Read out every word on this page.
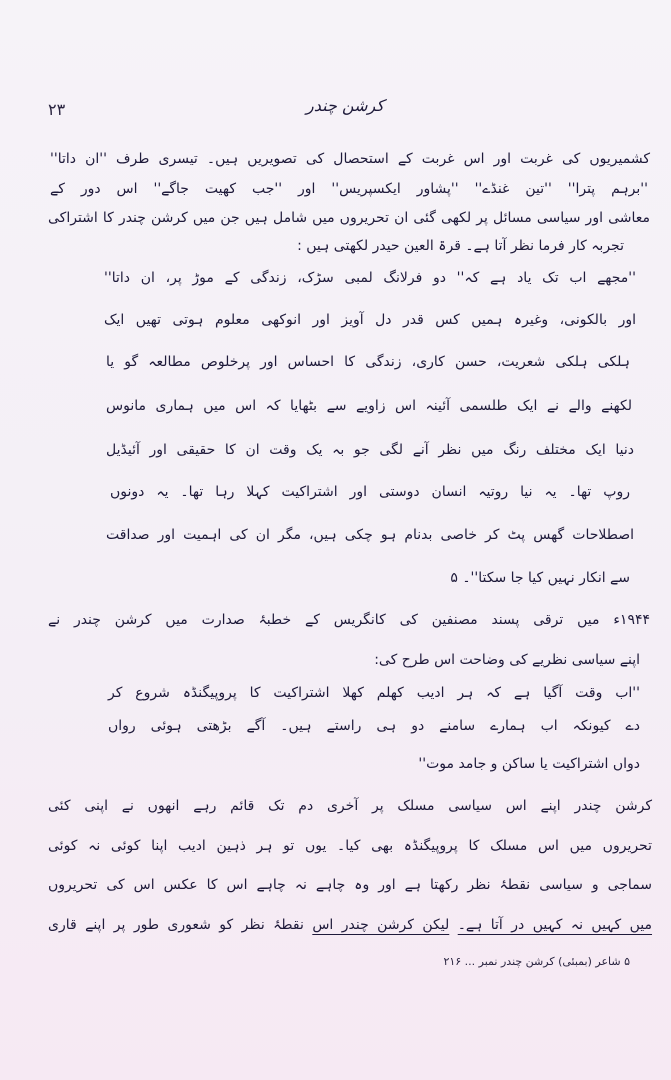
۲۳	کرشن چندر
کشمیریوں کی غربت اور اس غربت کے استحصال کی تصویریں ہیں۔ تیسری طرف ''ان داتا''
''برہم پترا'' ''تین غنڈے'' ''پشاور ایکسپریس'' اور ''جب کھیت جاگے'' اس دور کے
معاشی اور سیاسی مسائل پر لکھی گئی ان تحریروں میں شامل ہیں جن میں کرشن چندر کا اشتراکی
تجربہ کار فرما نظر آتا ہے۔ قرۃ العین حیدر لکھتی ہیں :
''مجھے اب تک یاد ہے کہ'' دو فرلانگ لمبی سڑک، زندگی کے موڑ پر، ان داتا''
اور بالکونی، وغیرہ ہمیں کس قدر دل آویز اور انوکھی معلوم ہوتی تھیں ایک
ہلکی ہلکی شعریت، حسن کاری، زندگی کا احساس اور پرخلوص مطالعہ گو یا
لکھنے والے نے ایک طلسمی آئینہ اس زاویے سے بٹھایا کہ اس میں ہماری مانوس
دنیا ایک مختلف رنگ میں نظر آنے لگی جو بہ یک وقت ان کا حقیقی اور آئیڈیل
روپ تھا۔ یہ نیا روتیہ انسان دوستی اور اشتراکیت کہلا رہا تھا۔ یہ دونوں
اصطلاحات گھس پٹ کر خاصی بدنام ہو چکی ہیں، مگر ان کی اہمیت اور صداقت
سے انکار نہیں کیا جا سکتا''۔ ۵
۱۹۴۴ء میں ترقی پسند مصنفین کی کانگریس کے خطبۂ صدارت میں کرشن چندر نے
اپنے سیاسی نظریے کی وضاحت اس طرح کی:
''اب وقت آگیا ہے کہ ہر ادیب کھلم کھلا اشتراکیت کا پروپیگنڈہ شروع کر
دے کیونکہ اب ہمارے سامنے دو ہی راستے ہیں۔ آگے بڑھتی ہوئی رواں
دواں اشتراکیت یا ساکن و جامد موت''
کرشن چندر اپنے اس سیاسی مسلک پر آخری دم تک قائم رہے انھوں نے اپنی کئی
تحریروں میں اس مسلک کا پروپیگنڈہ بھی کیا۔ یوں تو ہر ذہین ادیب اپنا کوئی نہ کوئی
سماجی و سیاسی نقطۂ نظر رکھتا ہے اور وہ چاہے نہ چاہے اس کا عکس اس کی تحریروں
میں کہیں نہ کہیں در آتا ہے۔ لیکن کرشن چندر اس نقطۂ نظر کو شعوری طور پر اپنے قاری
۵ شاعر (بمبئی) کرشن چندر نمبر ... ۲۱۶
